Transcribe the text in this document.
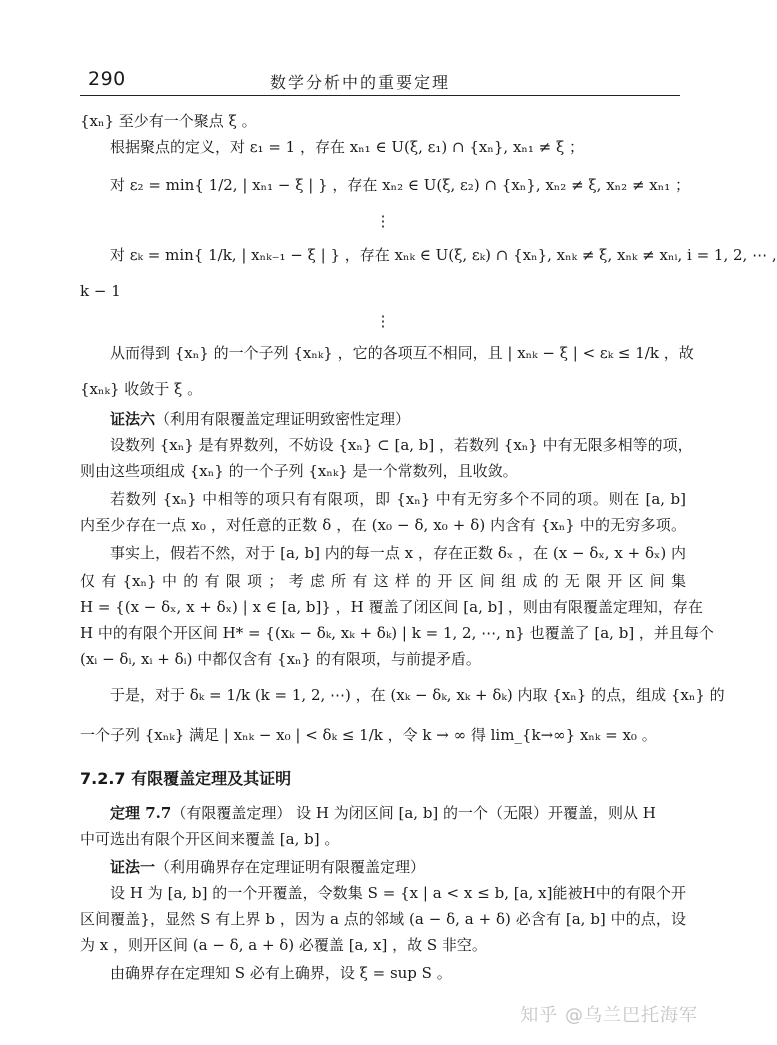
290	数学分析中的重要定理
{xₙ} 至少有一个聚点 ξ 。
根据聚点的定义，对 ε₁ = 1 ，存在 xₙ₁ ∈ U(ξ, ε₁) ∩ {xₙ}, xₙ₁ ≠ ξ ；
对 ε₂ = min{ 1/2, | xₙ₁ − ξ | } ，存在 xₙ₂ ∈ U(ξ, ε₂) ∩ {xₙ}, xₙ₂ ≠ ξ, xₙ₂ ≠ xₙ₁ ；
⋮
对 εₖ = min{ 1/k, | xₙₖ₋₁ − ξ | } ，存在 xₙₖ ∈ U(ξ, εₖ) ∩ {xₙ}, xₙₖ ≠ ξ, xₙₖ ≠ xₙᵢ, i = 1, 2, ⋯ ,
k − 1
⋮
从而得到 {xₙ} 的一个子列 {xₙₖ} ，它的各项互不相同，且 | xₙₖ − ξ | < εₖ ≤ 1/k ，故
{xₙₖ} 收敛于 ξ 。
证法六（利用有限覆盖定理证明致密性定理）
设数列 {xₙ} 是有界数列，不妨设 {xₙ} ⊂ [a, b] ，若数列 {xₙ} 中有无限多相等的项，
则由这些项组成 {xₙ} 的一个子列 {xₙₖ} 是一个常数列，且收敛。
若数列 {xₙ} 中相等的项只有有限项，即 {xₙ} 中有无穷多个不同的项。则在 [a, b]
内至少存在一点 x₀ ，对任意的正数 δ ，在 (x₀ − δ, x₀ + δ) 内含有 {xₙ} 中的无穷多项。
事实上，假若不然，对于 [a, b] 内的每一点 x ，存在正数 δₓ ，在 (x − δₓ, x + δₓ) 内
仅 有 {xₙ} 中 的 有 限 项 ； 考 虑 所 有 这 样 的 开 区 间 组 成 的 无 限 开 区 间 集
H = {(x − δₓ, x + δₓ) | x ∈ [a, b]} ，H 覆盖了闭区间 [a, b] ，则由有限覆盖定理知，存在
H 中的有限个开区间 H* = {(xₖ − δₖ, xₖ + δₖ) | k = 1, 2, ⋯, n} 也覆盖了 [a, b] ，并且每个
(xᵢ − δᵢ, xᵢ + δᵢ) 中都仅含有 {xₙ} 的有限项，与前提矛盾。
于是，对于 δₖ = 1/k (k = 1, 2, ⋯) ，在 (xₖ − δₖ, xₖ + δₖ) 内取 {xₙ} 的点，组成 {xₙ} 的
一个子列 {xₙₖ} 满足 | xₙₖ − x₀ | < δₖ ≤ 1/k ，令 k → ∞ 得 lim_{k→∞} xₙₖ = x₀ 。
7.2.7 有限覆盖定理及其证明
定理 7.7（有限覆盖定理） 设 H 为闭区间 [a, b] 的一个（无限）开覆盖，则从 H
中可选出有限个开区间来覆盖 [a, b] 。
证法一（利用确界存在定理证明有限覆盖定理）
设 H 为 [a, b] 的一个开覆盖，令数集 S = {x | a < x ≤ b, [a, x]能被H中的有限个开
区间覆盖}，显然 S 有上界 b ，因为 a 点的邻域 (a − δ, a + δ) 必含有 [a, b] 中的点，设
为 x ，则开区间 (a − δ, a + δ) 必覆盖 [a, x] ，故 S 非空。
由确界存在定理知 S 必有上确界，设 ξ = sup S 。
知乎 @乌兰巴托海军
